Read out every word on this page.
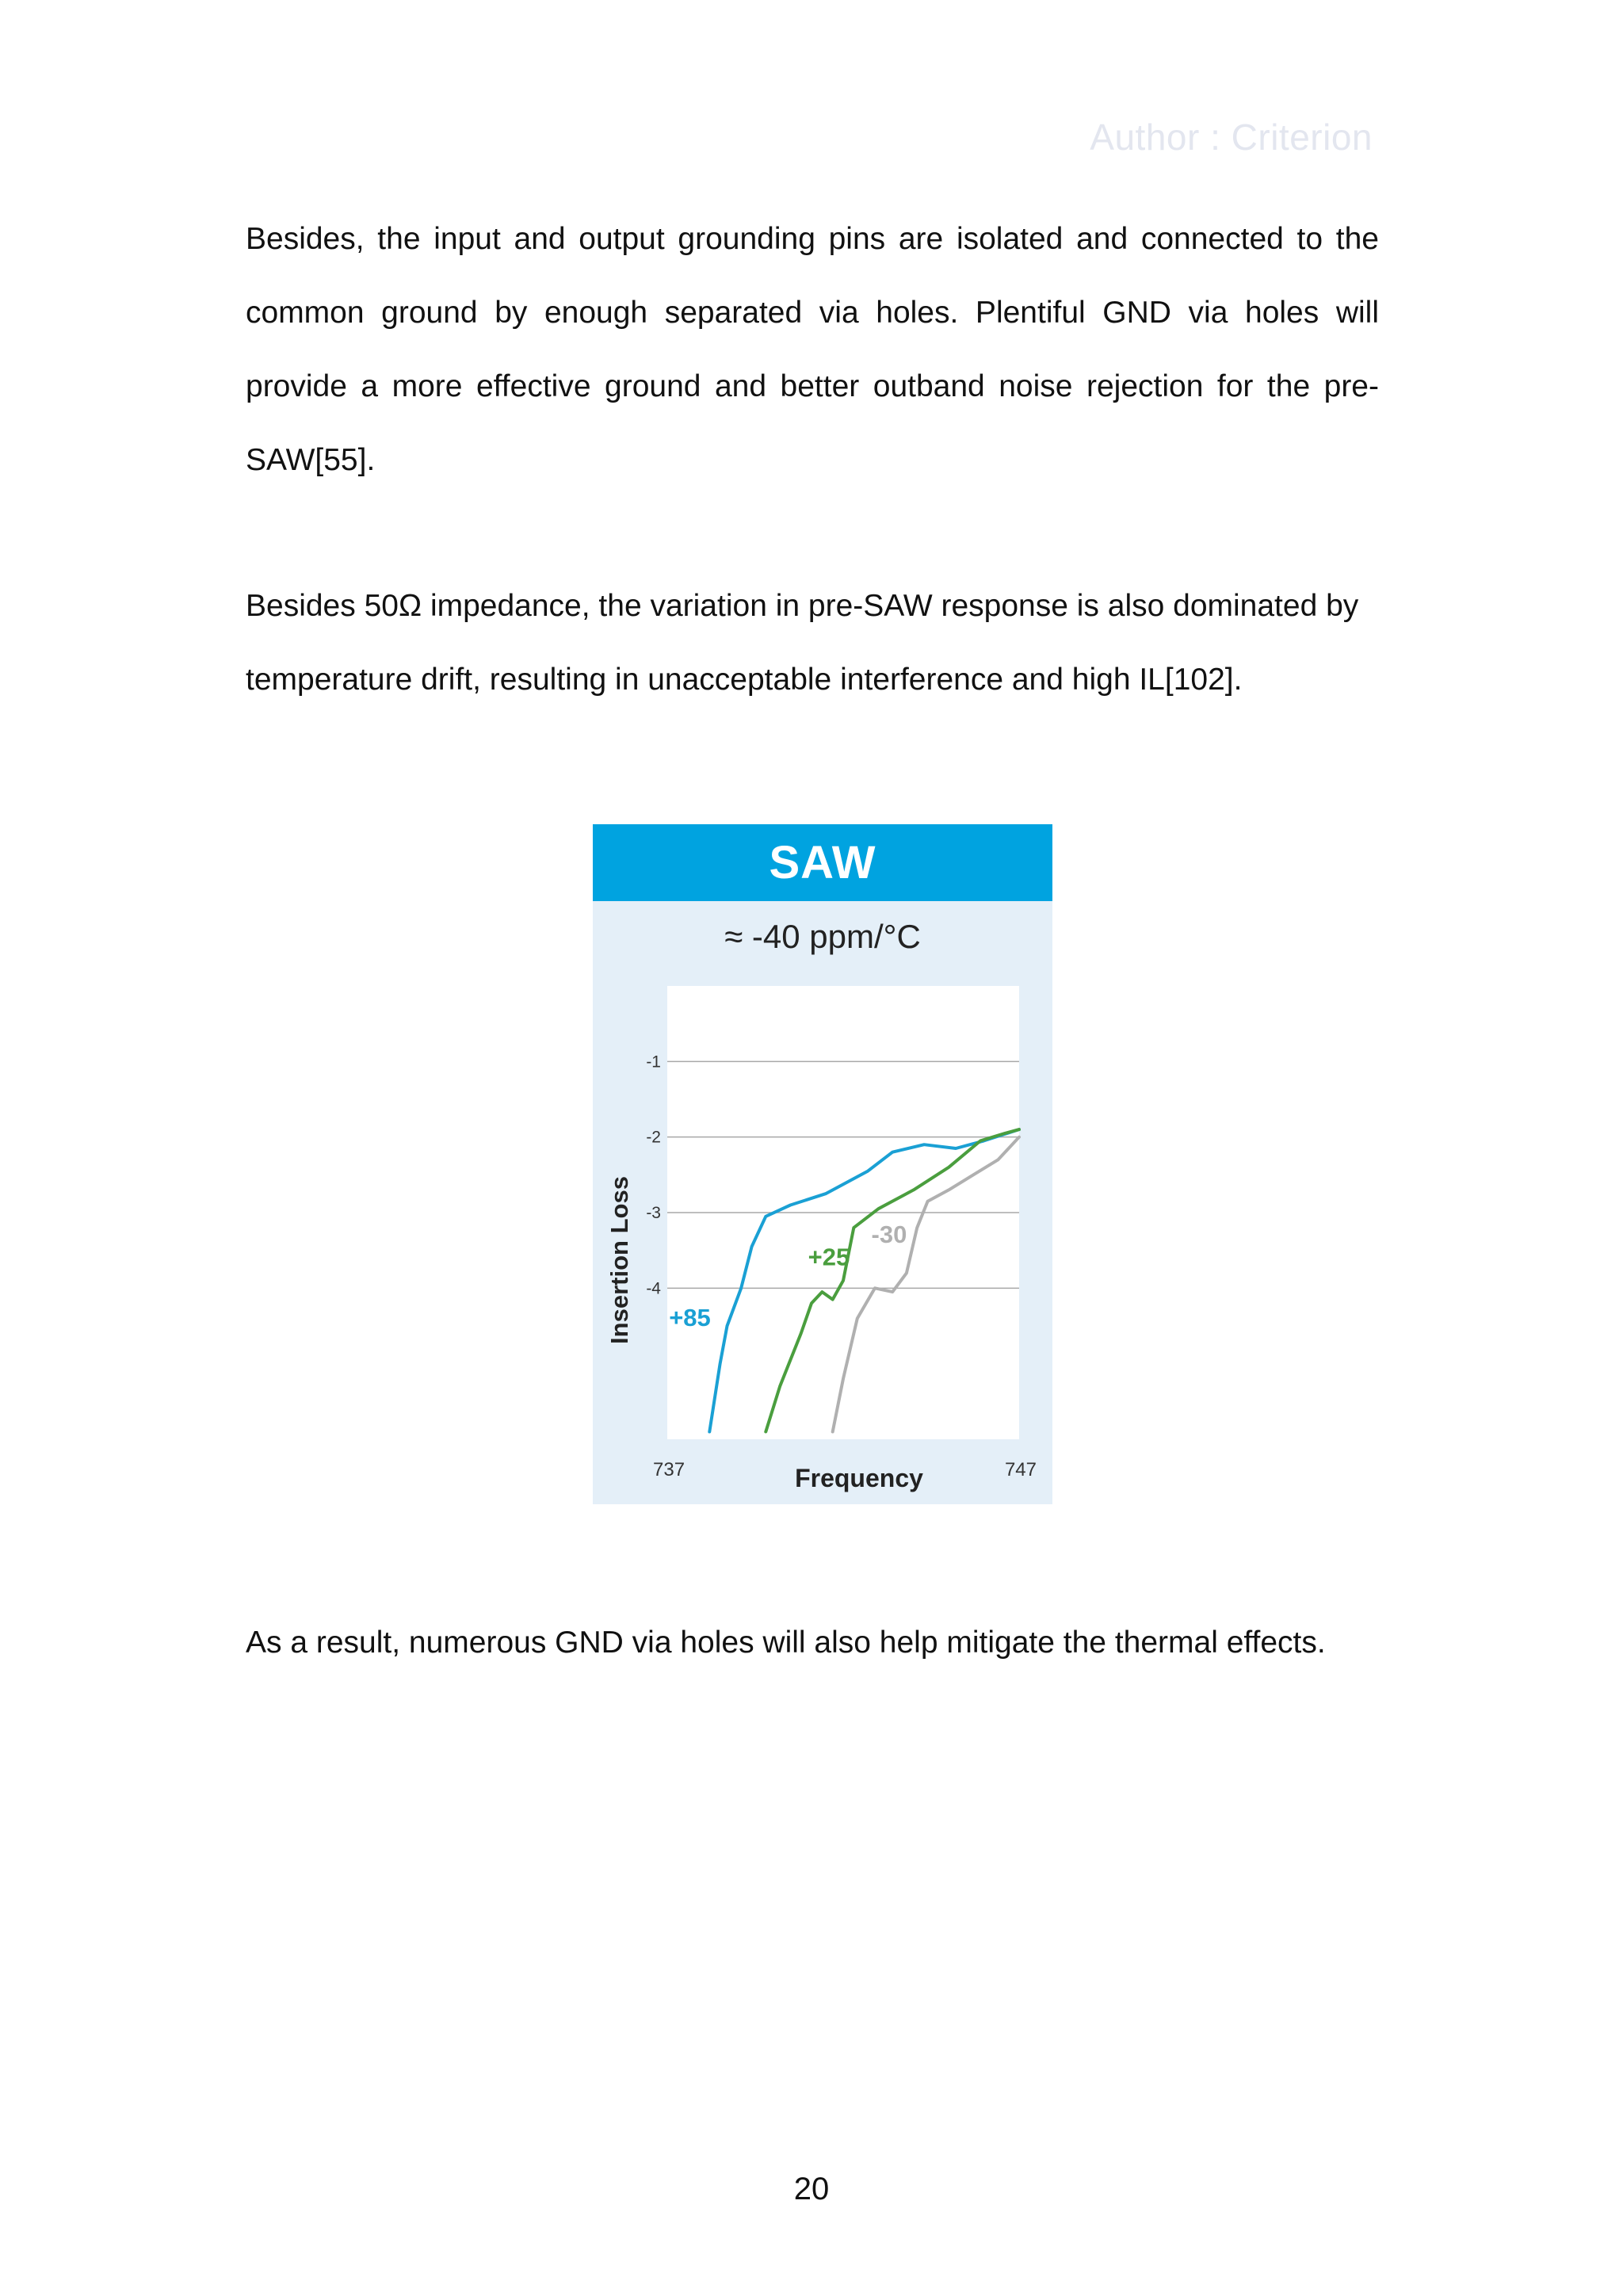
Author : Criterion

Besides, the input and output grounding pins are isolated and connected to the common ground by enough separated via holes. Plentiful GND via holes will provide a more effective ground and better outband noise rejection for the pre-SAW[55].

Besides 50Ω impedance, the variation in pre-SAW response is also dominated by temperature drift, resulting in unacceptable interference and high IL[102].

SAW
≈ -40 ppm/°C
-1
-2
-3
-4
737	747
Frequency
Insertion Loss +85
+25
-30

As a result, numerous GND via holes will also help mitigate the thermal effects.

20
